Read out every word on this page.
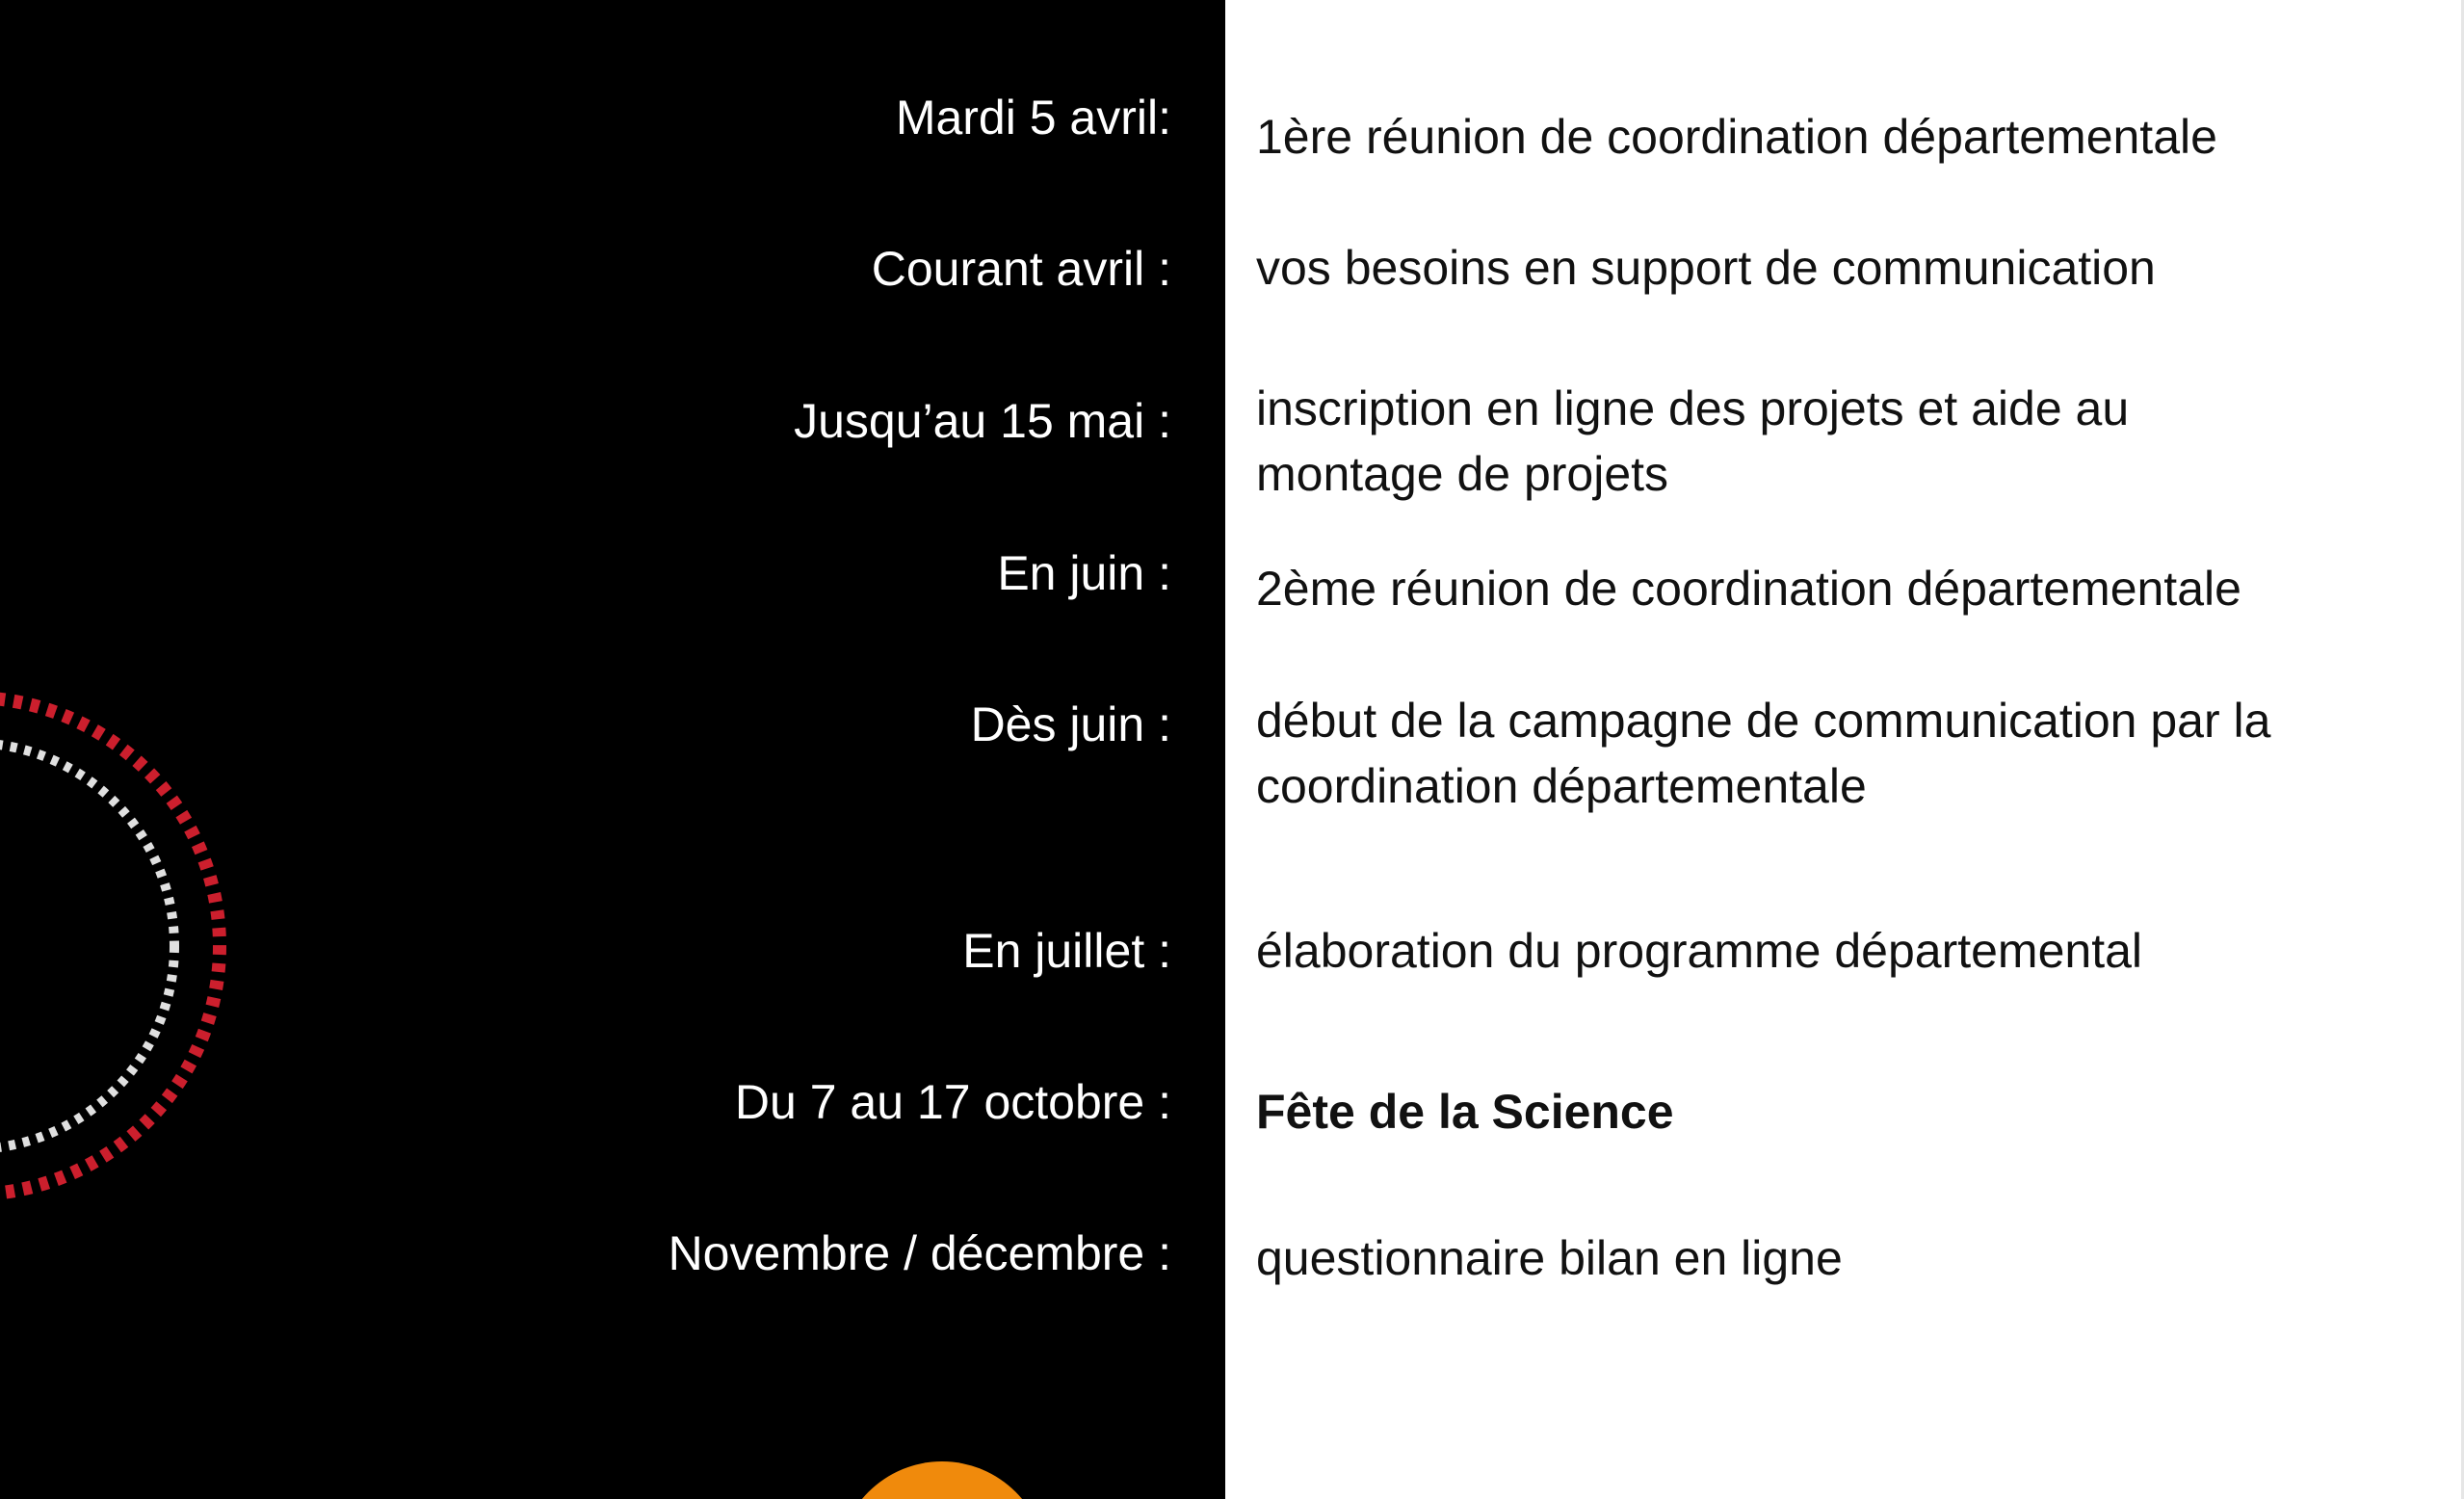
Mardi 5 avril: 1ère réunion de coordination départementale
Courant avril : vos besoins en support de communication
Jusqu’au 15 mai : inscription en ligne des projets et aide au
montage de projets
En juin : 2ème réunion de coordination départementale
Dès juin : début de la campagne de communication par la
coordination départementale
En juillet : élaboration du programme départemental
Du 7 au 17 octobre : Fête de la Science
Novembre / décembre : questionnaire bilan en ligne
